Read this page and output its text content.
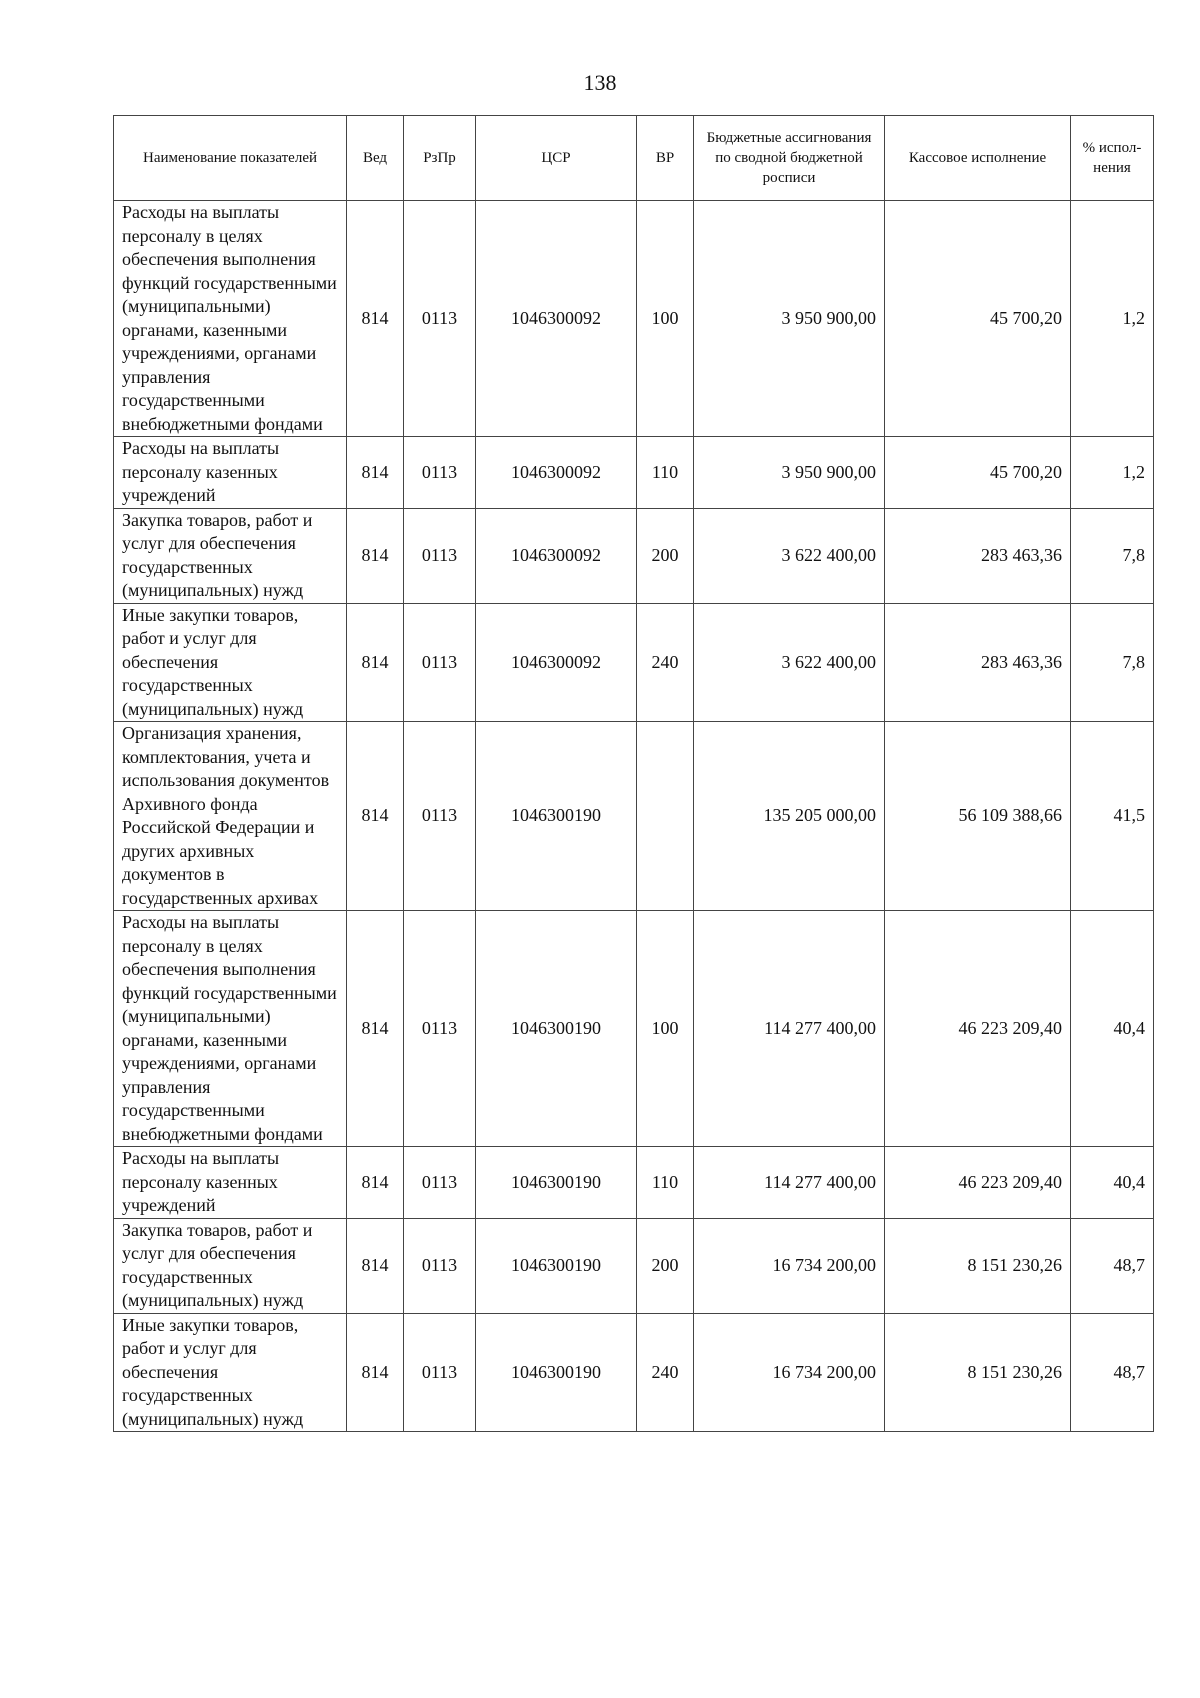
138
Наименование показателей	Вед	РзПр	ЦСР	ВР	Бюджетные ассигнования по сводной бюджетной росписи	Кассовое исполнение	% испол-нения
Расходы на выплаты персоналу в целях обеспечения выполнения функций государственными (муниципальными) органами, казенными учреждениями, органами управления государственными внебюджетными фондами	814	0113	1046300092	100	3 950 900,00	45 700,20	1,2
Расходы на выплаты персоналу казенных учреждений	814	0113	1046300092	110	3 950 900,00	45 700,20	1,2
Закупка товаров, работ и услуг для обеспечения государственных (муниципальных) нужд	814	0113	1046300092	200	3 622 400,00	283 463,36	7,8
Иные закупки товаров, работ и услуг для обеспечения государственных (муниципальных) нужд	814	0113	1046300092	240	3 622 400,00	283 463,36	7,8
Организация хранения, комплектования, учета и использования документов Архивного фонда Российской Федерации и других архивных документов в государственных архивах	814	0113	1046300190		135 205 000,00	56 109 388,66	41,5
Расходы на выплаты персоналу в целях обеспечения выполнения функций государственными (муниципальными) органами, казенными учреждениями, органами управления государственными внебюджетными фондами	814	0113	1046300190	100	114 277 400,00	46 223 209,40	40,4
Расходы на выплаты персоналу казенных учреждений	814	0113	1046300190	110	114 277 400,00	46 223 209,40	40,4
Закупка товаров, работ и услуг для обеспечения государственных (муниципальных) нужд	814	0113	1046300190	200	16 734 200,00	8 151 230,26	48,7
Иные закупки товаров, работ и услуг для обеспечения государственных (муниципальных) нужд	814	0113	1046300190	240	16 734 200,00	8 151 230,26	48,7
